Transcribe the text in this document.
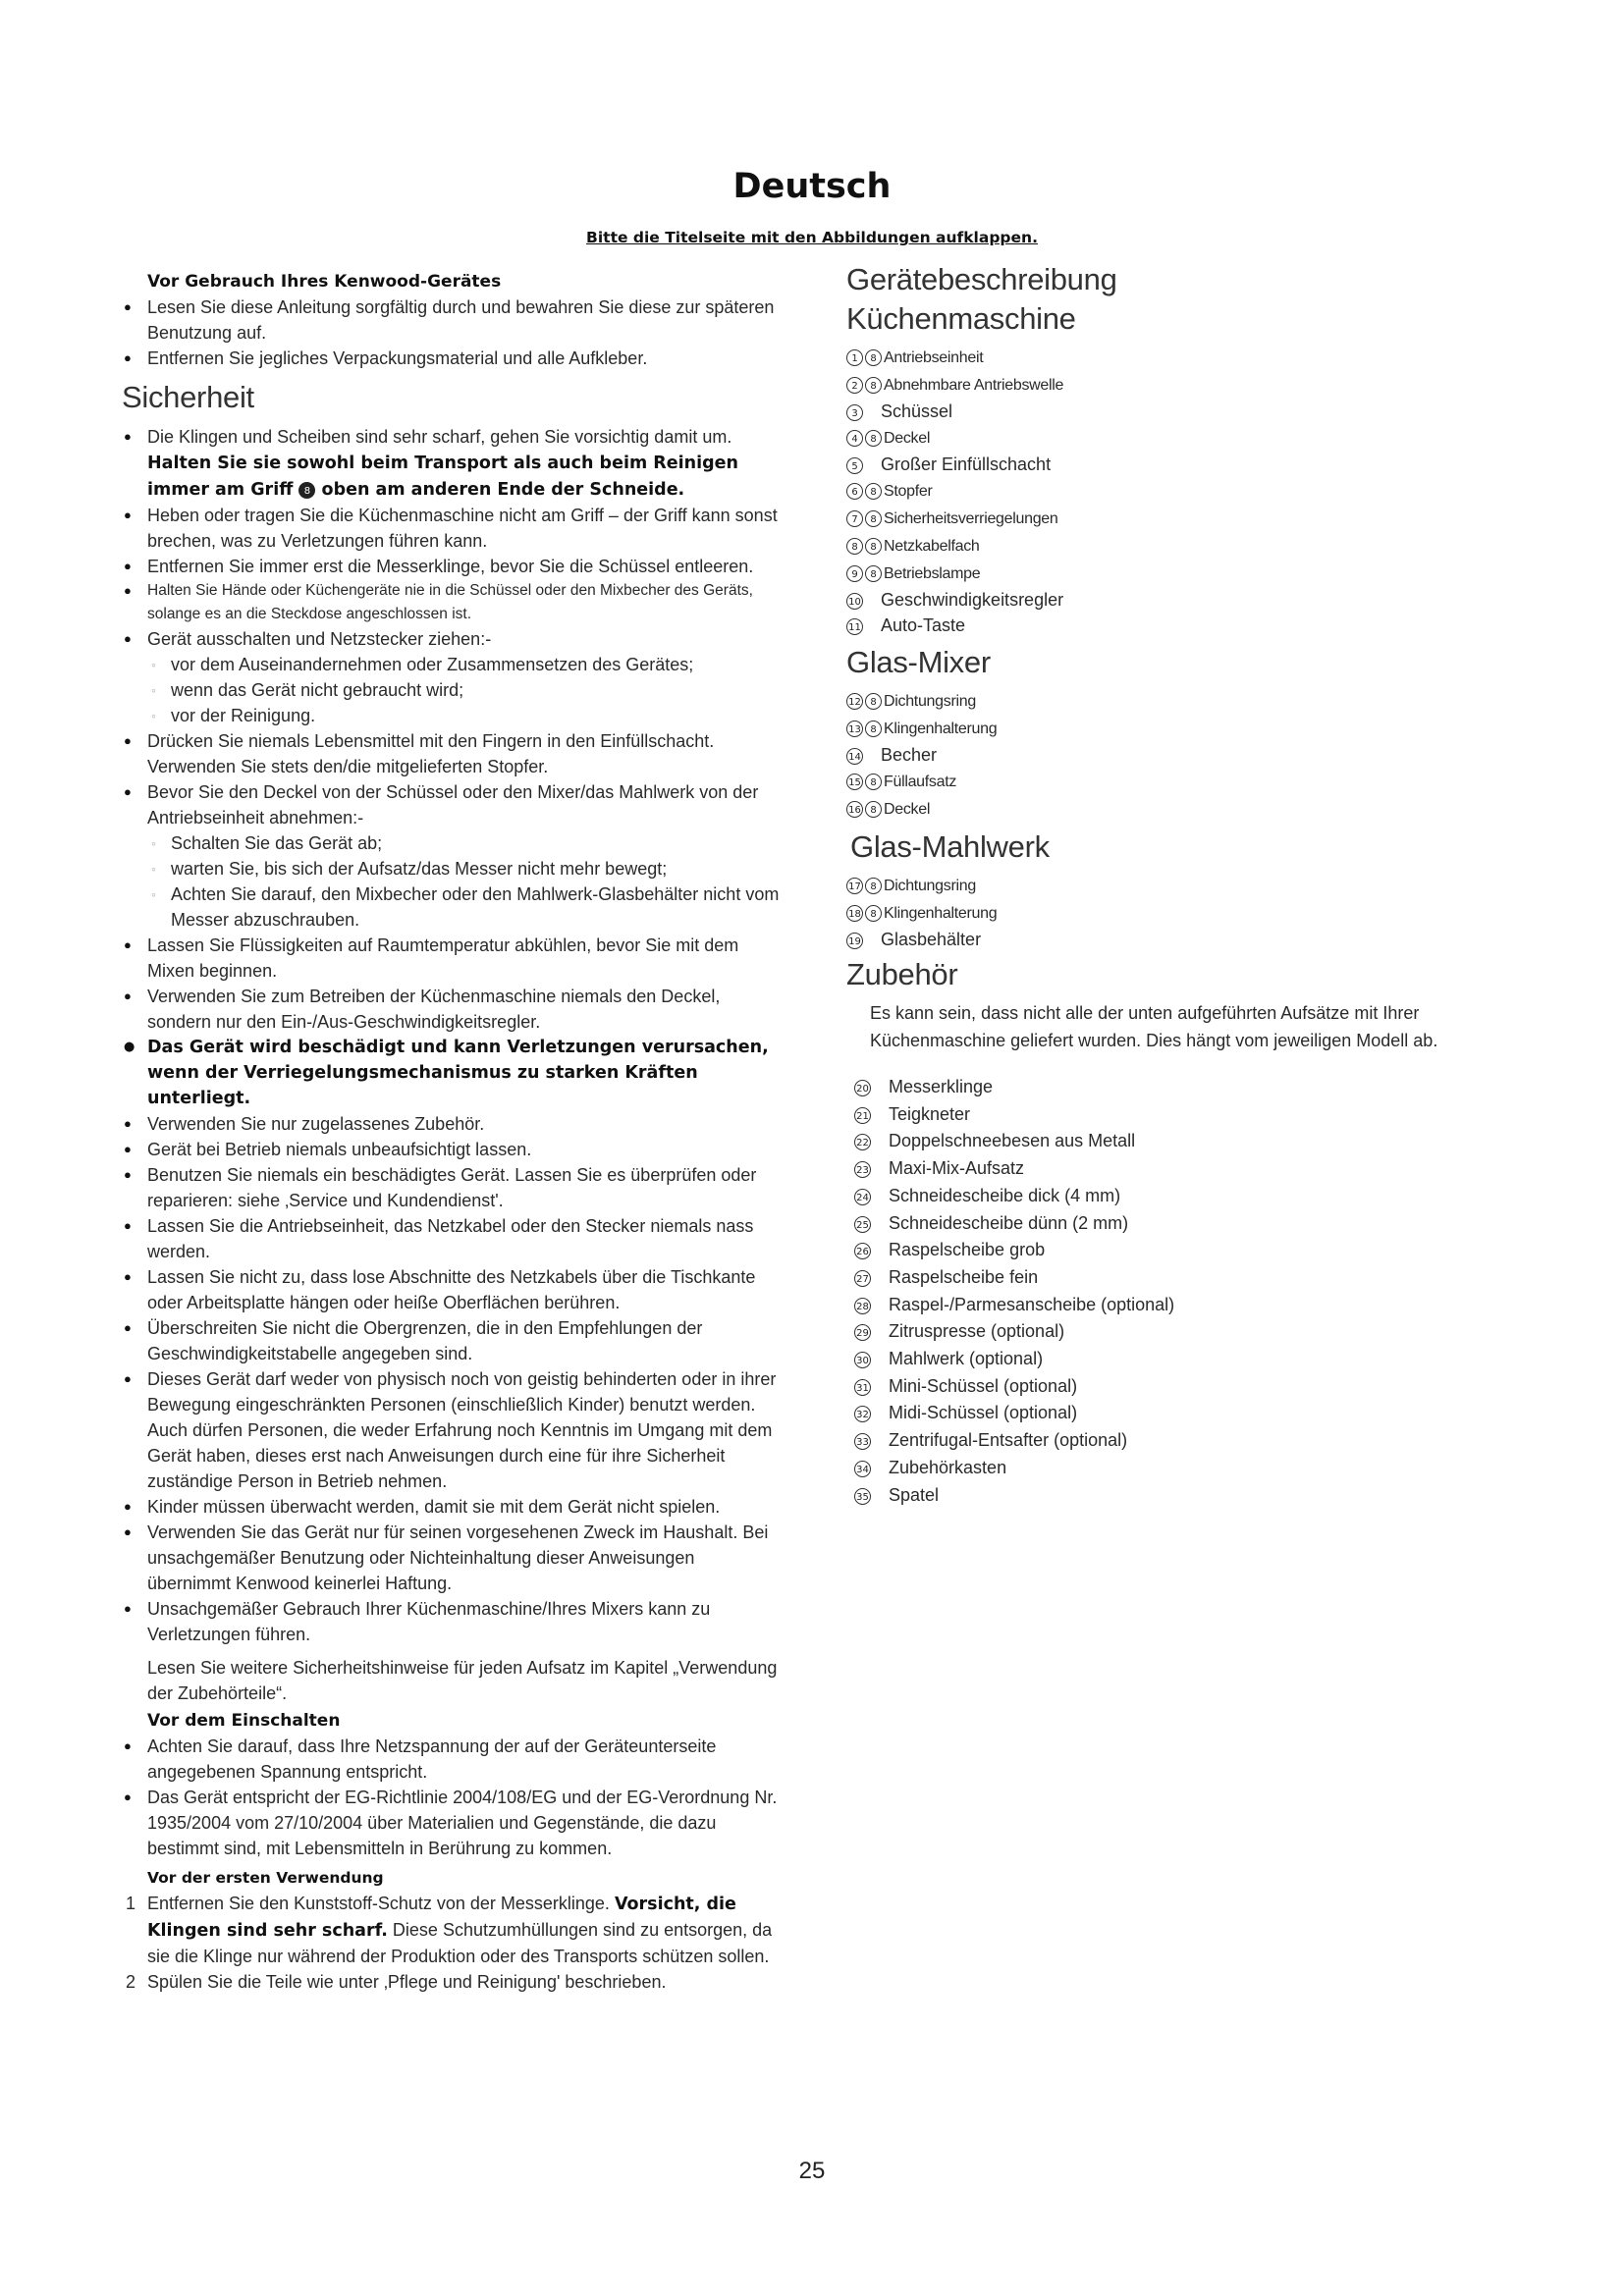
Deutsch
Bitte die Titelseite mit den Abbildungen aufklappen.

Vor Gebrauch Ihres Kenwood-Gerätes

● Lesen Sie diese Anleitung sorgfältig durch und bewahren Sie diese zur späteren Benutzung auf.
● Entfernen Sie jegliches Verpackungsmaterial und alle Aufkleber.
Sicherheit
● Die Klingen und Scheiben sind sehr scharf, gehen Sie vorsichtig damit um. Halten Sie sie sowohl beim Transport als auch beim Reinigen immer am Griff 8 oben am anderen Ende der Schneide.
● Heben oder tragen Sie die Küchenmaschine nicht am Griff – der Griff kann sonst brechen, was zu Verletzungen führen kann.
● Entfernen Sie immer erst die Messerklinge, bevor Sie die Schüssel entleeren.
● Halten Sie Hände oder Küchengeräte nie in die Schüssel oder den Mixbecher des Geräts, solange es an die Steckdose angeschlossen ist.
● Gerät ausschalten und Netzstecker ziehen:-
◦ vor dem Auseinandernehmen oder Zusammensetzen des Gerätes;
◦ wenn das Gerät nicht gebraucht wird;
◦ vor der Reinigung.
● Drücken Sie niemals Lebensmittel mit den Fingern in den Einfüllschacht. Verwenden Sie stets den/die mitgelieferten Stopfer.
● Bevor Sie den Deckel von der Schüssel oder den Mixer/das Mahlwerk von der Antriebseinheit abnehmen:-
◦ Schalten Sie das Gerät ab;
◦ warten Sie, bis sich der Aufsatz/das Messer nicht mehr bewegt;
◦ Achten Sie darauf, den Mixbecher oder den Mahlwerk-Glasbehälter nicht vom Messer abzuschrauben.
● Lassen Sie Flüssigkeiten auf Raumtemperatur abkühlen, bevor Sie mit dem Mixen beginnen.
● Verwenden Sie zum Betreiben der Küchenmaschine niemals den Deckel, sondern nur den Ein-/Aus-Geschwindigkeitsregler.
● Das Gerät wird beschädigt und kann Verletzungen verursachen, wenn der Verriegelungsmechanismus zu starken Kräften unterliegt.
● Verwenden Sie nur zugelassenes Zubehör.
● Gerät bei Betrieb niemals unbeaufsichtigt lassen.
● Benutzen Sie niemals ein beschädigtes Gerät. Lassen Sie es überprüfen oder reparieren: siehe ‚Service und Kundendienst'.
● Lassen Sie die Antriebseinheit, das Netzkabel oder den Stecker niemals nass werden.
● Lassen Sie nicht zu, dass lose Abschnitte des Netzkabels über die Tischkante oder Arbeitsplatte hängen oder heiße Oberflächen berühren.
● Überschreiten Sie nicht die Obergrenzen, die in den Empfehlungen der Geschwindigkeitstabelle angegeben sind.
● Dieses Gerät darf weder von physisch noch von geistig behinderten oder in ihrer Bewegung eingeschränkten Personen (einschließlich Kinder) benutzt werden. Auch dürfen Personen, die weder Erfahrung noch Kenntnis im Umgang mit dem Gerät haben, dieses erst nach Anweisungen durch eine für ihre Sicherheit zuständige Person in Betrieb nehmen.
● Kinder müssen überwacht werden, damit sie mit dem Gerät nicht spielen.
● Verwenden Sie das Gerät nur für seinen vorgesehenen Zweck im Haushalt. Bei unsachgemäßer Benutzung oder Nichteinhaltung dieser Anweisungen übernimmt Kenwood keinerlei Haftung.
● Unsachgemäßer Gebrauch Ihrer Küchenmaschine/Ihres Mixers kann zu Verletzungen führen.

Lesen Sie weitere Sicherheitshinweise für jeden Aufsatz im Kapitel „Verwendung der Zubehörteile“.

Vor dem Einschalten

● Achten Sie darauf, dass Ihre Netzspannung der auf der Geräteunterseite angegebenen Spannung entspricht.
● Das Gerät entspricht der EG-Richtlinie 2004/108/EG und der EG-Verordnung Nr. 1935/2004 vom 27/10/2004 über Materialien und Gegenstände, die dazu bestimmt sind, mit Lebensmitteln in Berührung zu kommen.

Vor der ersten Verwendung

1 Entfernen Sie den Kunststoff-Schutz von der Messerklinge. Vorsicht, die Klingen sind sehr scharf. Diese Schutzumhüllungen sind zu entsorgen, da sie die Klinge nur während der Produktion oder des Transports schützen sollen.
2 Spülen Sie die Teile wie unter ‚Pflege und Reinigung' beschrieben.
Gerätebeschreibung
Küchenmaschine
1 8 Antriebseinheit
2 8 Abnehmbare Antriebswelle
3 Schüssel
4 8 Deckel
5 Großer Einfüllschacht
6 8 Stopfer
7 8 Sicherheitsverriegelungen
8 8 Netzkabelfach
9 8 Betriebslampe
10 Geschwindigkeitsregler
11 Auto-Taste
Glas-Mixer
12 8 Dichtungsring
13 8 Klingenhalterung
14 Becher
15 8 Füllaufsatz
16 8 Deckel
Glas-Mahlwerk
17 8 Dichtungsring
18 8 Klingenhalterung
19 Glasbehälter
Zubehör

Es kann sein, dass nicht alle der unten aufgeführten Aufsätze mit Ihrer Küchenmaschine geliefert wurden. Dies hängt vom jeweiligen Modell ab.

20 Messerklinge
21 Teigkneter
22 Doppelschneebesen aus Metall
23 Maxi-Mix-Aufsatz
24 Schneidescheibe dick (4 mm)
25 Schneidescheibe dünn (2 mm)
26 Raspelscheibe grob
27 Raspelscheibe fein
28 Raspel-/Parmesanscheibe (optional)
29 Zitruspresse (optional)
30 Mahlwerk (optional)
31 Mini-Schüssel (optional)
32 Midi-Schüssel (optional)
33 Zentrifugal-Entsafter (optional)
34 Zubehörkasten
35 Spatel
25
